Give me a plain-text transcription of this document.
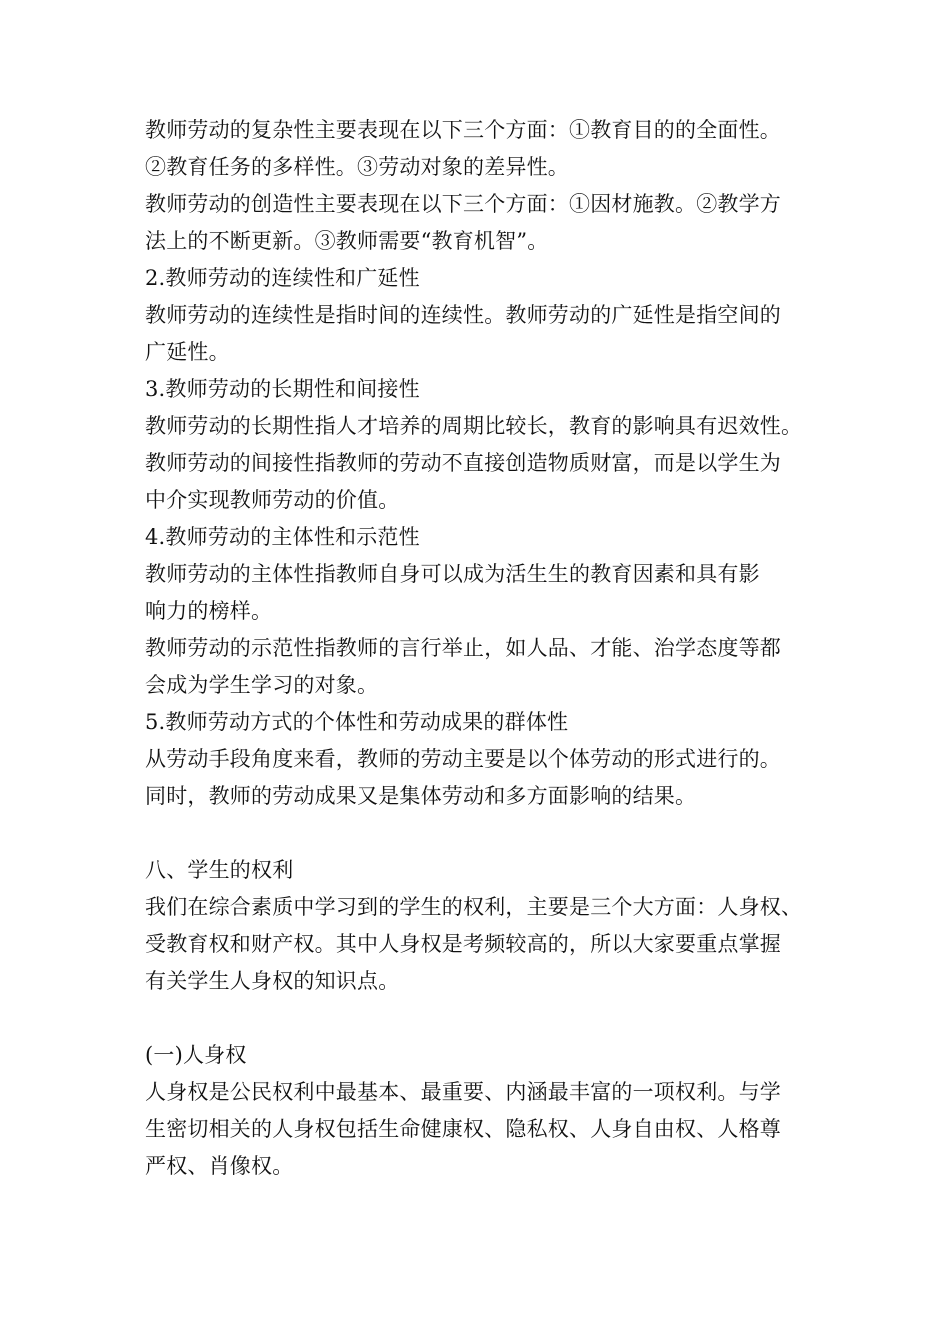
教师劳动的复杂性主要表现在以下三个方面：①教育目的的全面性。
②教育任务的多样性。③劳动对象的差异性。
教师劳动的创造性主要表现在以下三个方面：①因材施教。②教学方
法上的不断更新。③教师需要“教育机智”。
2.教师劳动的连续性和广延性
教师劳动的连续性是指时间的连续性。教师劳动的广延性是指空间的
广延性。
3.教师劳动的长期性和间接性
教师劳动的长期性指人才培养的周期比较长，教育的影响具有迟效性。
教师劳动的间接性指教师的劳动不直接创造物质财富，而是以学生为
中介实现教师劳动的价值。
4.教师劳动的主体性和示范性
教师劳动的主体性指教师自身可以成为活生生的教育因素和具有影
响力的榜样。
教师劳动的示范性指教师的言行举止，如人品、才能、治学态度等都
会成为学生学习的对象。
5.教师劳动方式的个体性和劳动成果的群体性
从劳动手段角度来看，教师的劳动主要是以个体劳动的形式进行的。
同时，教师的劳动成果又是集体劳动和多方面影响的结果。
八、学生的权利
我们在综合素质中学习到的学生的权利，主要是三个大方面：人身权、
受教育权和财产权。其中人身权是考频较高的，所以大家要重点掌握
有关学生人身权的知识点。
(一)人身权
人身权是公民权利中最基本、最重要、内涵最丰富的一项权利。与学
生密切相关的人身权包括生命健康权、隐私权、人身自由权、人格尊
严权、肖像权。
